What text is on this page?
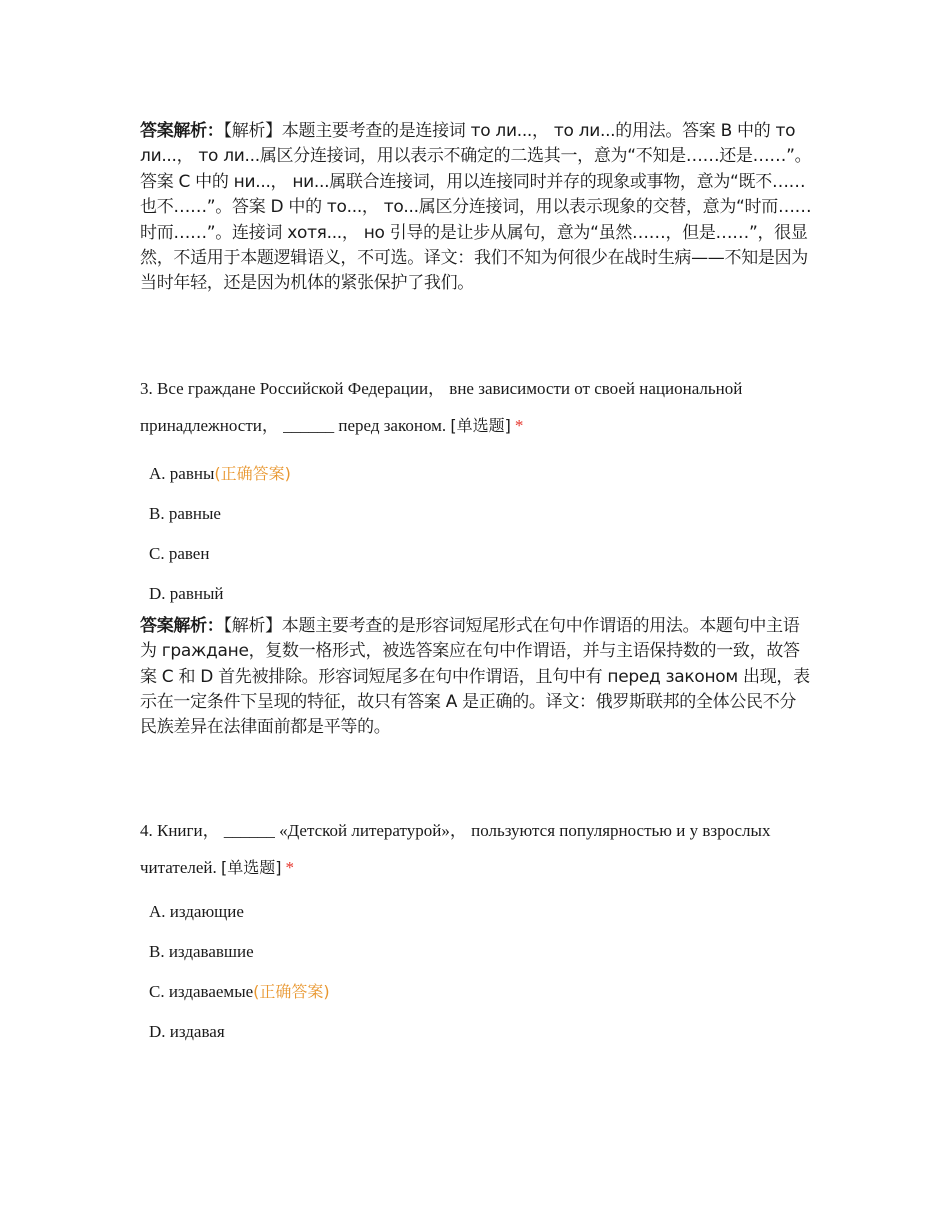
答案解析：【解析】本题主要考查的是连接词 то ли...， то ли...的用法。答案 B 中的 то ли...， то ли...属区分连接词，用以表示不确定的二选其一，意为“不知是……还是……”。答案 C 中的 ни...， ни...属联合连接词，用以连接同时并存的现象或事物，意为“既不……也不……”。答案 D 中的 то...， то...属区分连接词，用以表示现象的交替，意为“时而……时而……”。连接词 хотя...， но 引导的是让步从属句，意为“虽然……，但是……”，很显然，不适用于本题逻辑语义，不可选。译文：我们不知为何很少在战时生病——不知是因为当时年轻，还是因为机体的紧张保护了我们。

3. Все граждане Российской Федерации， вне зависимости от своей национальной принадлежности， ______ перед законом. [单选题] *

A. равны(正确答案)
B. равные
C. равен
D. равный

答案解析：【解析】本题主要考查的是形容词短尾形式在句中作谓语的用法。本题句中主语为 граждане，复数一格形式，被选答案应在句中作谓语，并与主语保持数的一致，故答案 C 和 D 首先被排除。形容词短尾多在句中作谓语，且句中有 перед законом 出现，表示在一定条件下呈现的特征，故只有答案 A 是正确的。译文：俄罗斯联邦的全体公民不分民族差异在法律面前都是平等的。

4. Книги， ______ «Детской литературой»， пользуются популярностью и у взрослых читателей. [单选题] *

A. издающие
B. издававшие
C. издаваемые(正确答案)
D. издавая
